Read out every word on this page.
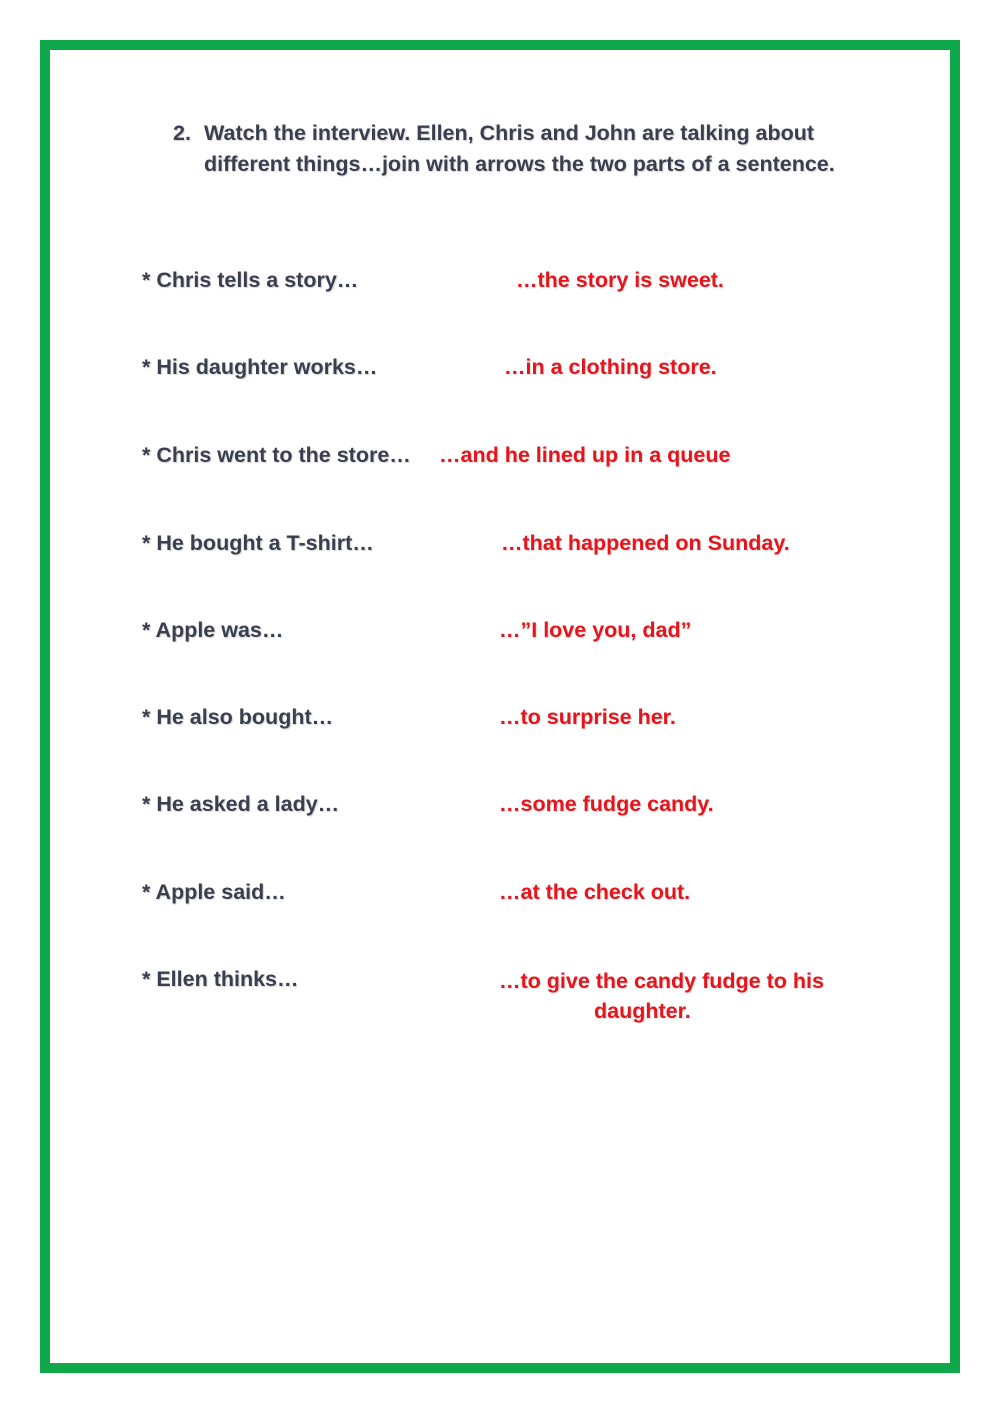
2. Watch the interview. Ellen, Chris and John are talking about different things…join with arrows the two parts of a sentence.
* Chris tells a story…
* His daughter works…
* Chris went to the store…
* He bought a T-shirt…
* Apple was…
* He also bought…
* He asked a lady…
* Apple said…
* Ellen thinks…
…the story is sweet.
…in a clothing store.
…and he lined up in a queue
…that happened on Sunday.
…”I love you, dad”
…to surprise her.
…some fudge candy.
…at the check out.
…to give the candy fudge to his
daughter.
